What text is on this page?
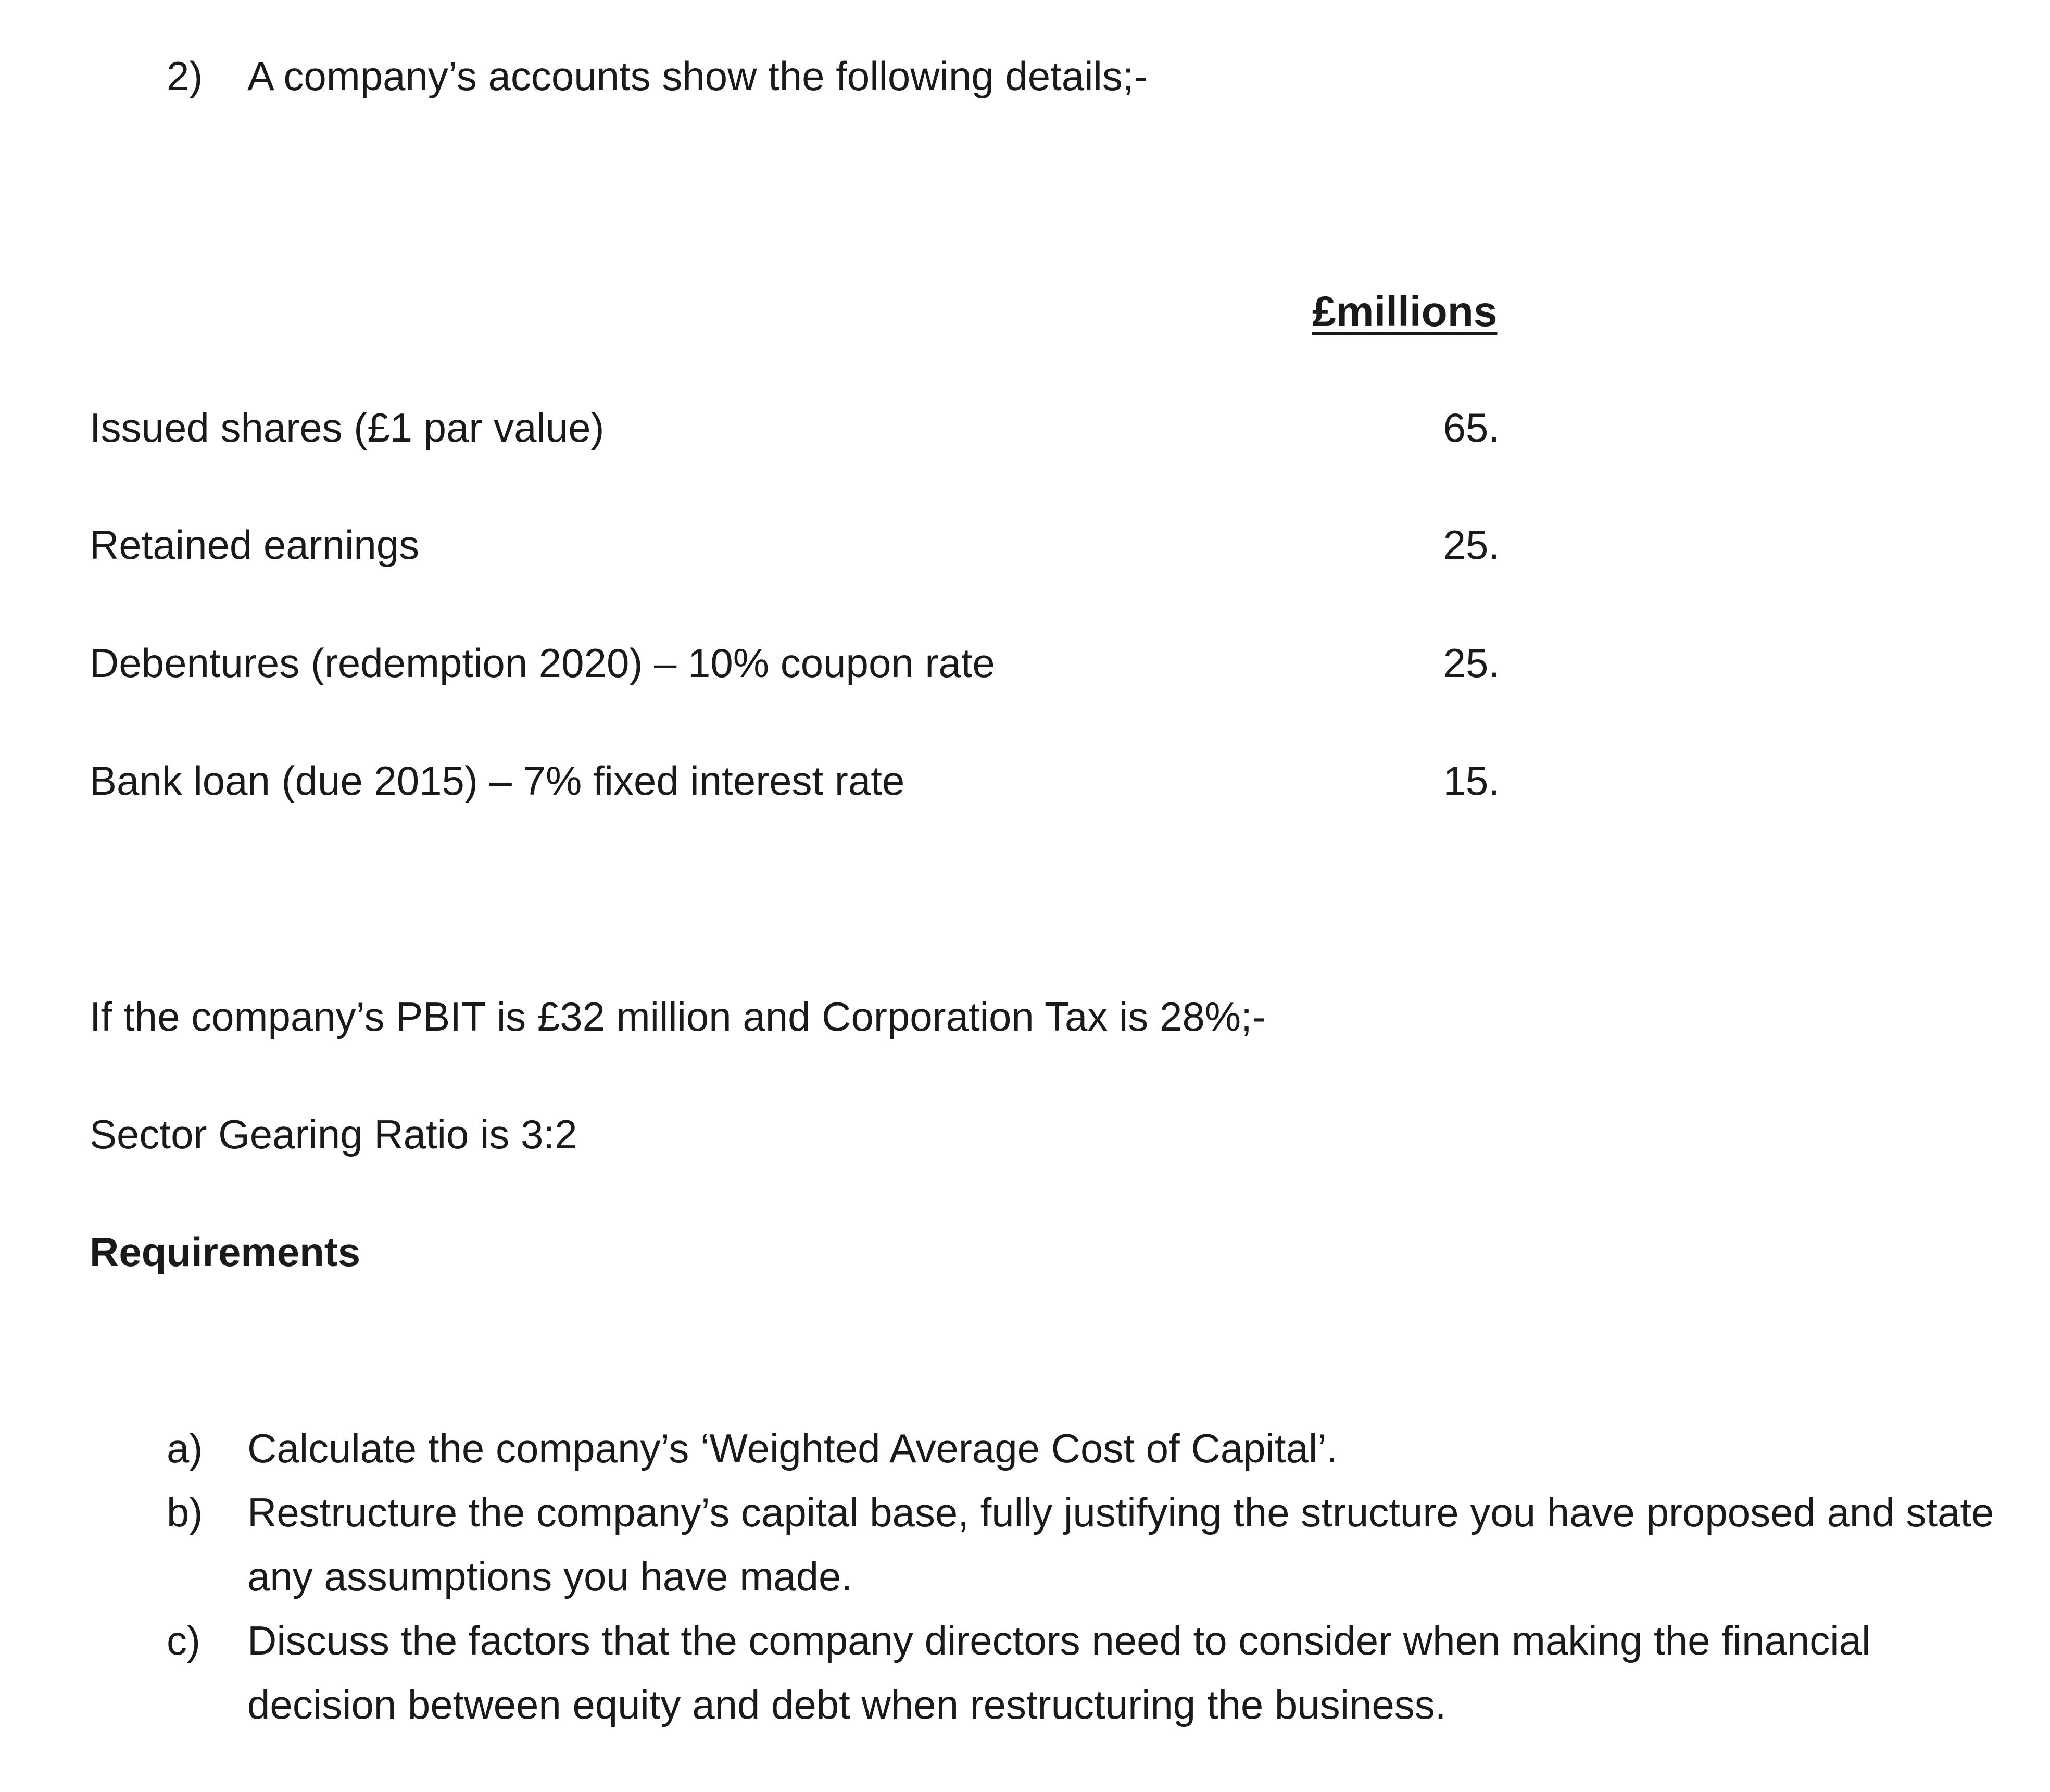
2) A company’s accounts show the following details;-
£millions
Issued shares (£1 par value)	65.
Retained earnings	25.
Debentures (redemption 2020) – 10% coupon rate	25.
Bank loan (due 2015) – 7% fixed interest rate	15.
If the company’s PBIT is £32 million and Corporation Tax is 28%;-
Sector Gearing Ratio is 3:2
Requirements
a)	Calculate the company’s ‘Weighted Average Cost of Capital’.
b)	Restructure the company’s capital base, fully justifying the structure you have proposed and state any assumptions you have made.
c)	Discuss the factors that the company directors need to consider when making the financial decision between equity and debt when restructuring the business.
